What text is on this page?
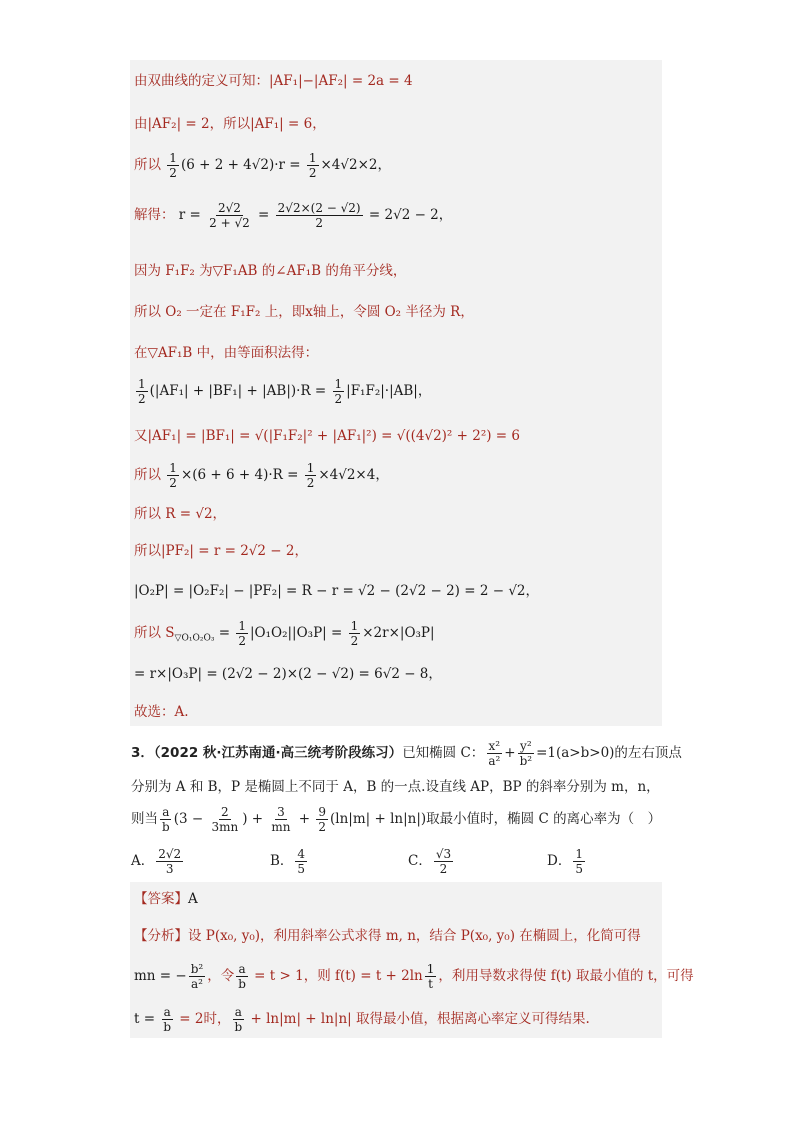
由双曲线的定义可知：|AF₁|−|AF₂| = 2a = 4
由|AF₂| = 2，所以|AF₁| = 6，
所以 $\frac{1}{2} (6 + 2 + 4√2)\cdot r = \frac{1}{2} \times 4√2\times 2$，
解得： $r = \frac{2√2}{2 + √2} = \frac{2√2\times(2 - √2)}{2} = 2√2 - 2$，
因为 F₁F₂ 为▽F₁AB 的∠AF₁B 的角平分线，
所以 O₂ 一定在 F₁F₂ 上，即x轴上，令圆 O₂ 半径为 R，
在▽AF₁B 中，由等面积法得：
$\frac{1}{2} (|AF_1| + |BF_1| + |AB|)\cdot R = \frac{1}{2} |F_1F_2|\cdot|AB|$，
又|AF₁| = |BF₁| = √(|F₁F₂|² + |AF₁|²) = √((4√2)² + 2²) = 6
所以 $\frac{1}{2} \times(6 + 6 + 4)\cdot R = \frac{1}{2} \times 4√2\times 4$，
所以 R = √2，
所以|PF₂| = r = 2√2 − 2，
|O₂P| = |O₂F₂| − |PF₂| = R − r = √2 − (2√2 − 2) = 2 − √2，
所以 $S_{▽O_1O_2O_3} = \frac{1}{2} |O_1O_2||O_3P| = \frac{1}{2} \times 2r\times|O_3P|$
= r×|O₃P| = (2√2 − 2)×(2 − √2) = 6√2 − 8，
故选：A.
3．（2022 秋·江苏南通·高三统考阶段练习）已知椭圆 C： $\frac{\text{x²}}{\text{a²}} + \frac{\text{y²}}{\text{b²}} =1(a>b>0)$的左右顶点
分别为 A 和 B，P 是椭圆上不同于 A，B 的一点.设直线 AP，BP 的斜率分别为 m，n，
则当 $\frac{a}{b} (3 - \frac{2}{3mn}$ ) + $\frac{3}{mn} + \frac{9}{2} (\ln|m| + \ln|n|)$取最小值时，椭圆 C 的离心率为（　）
A． $\frac{2√2}{3}$	B． $\frac{4}{5}$	C． $\frac{√3}{2}$	D． $\frac{1}{5}$
【答案】A
【分析】设 P(x₀, y₀)，利用斜率公式求得 m, n，结合 P(x₀, y₀) 在椭圆上，化简可得
mn = − $\frac{\text{b²}}{\text{a²}}$ ，令 $\frac{a}{b} = t > 1$，则 $f(t) = t + 2\ln \frac{1}{t}$ ，利用导数求得使 f(t) 取最小值的 t，可得
$t = \frac{a}{b} = 2$时， $\frac{a}{b} + \ln|m| + \ln|n|$ 取得最小值，根据离心率定义可得结果.
